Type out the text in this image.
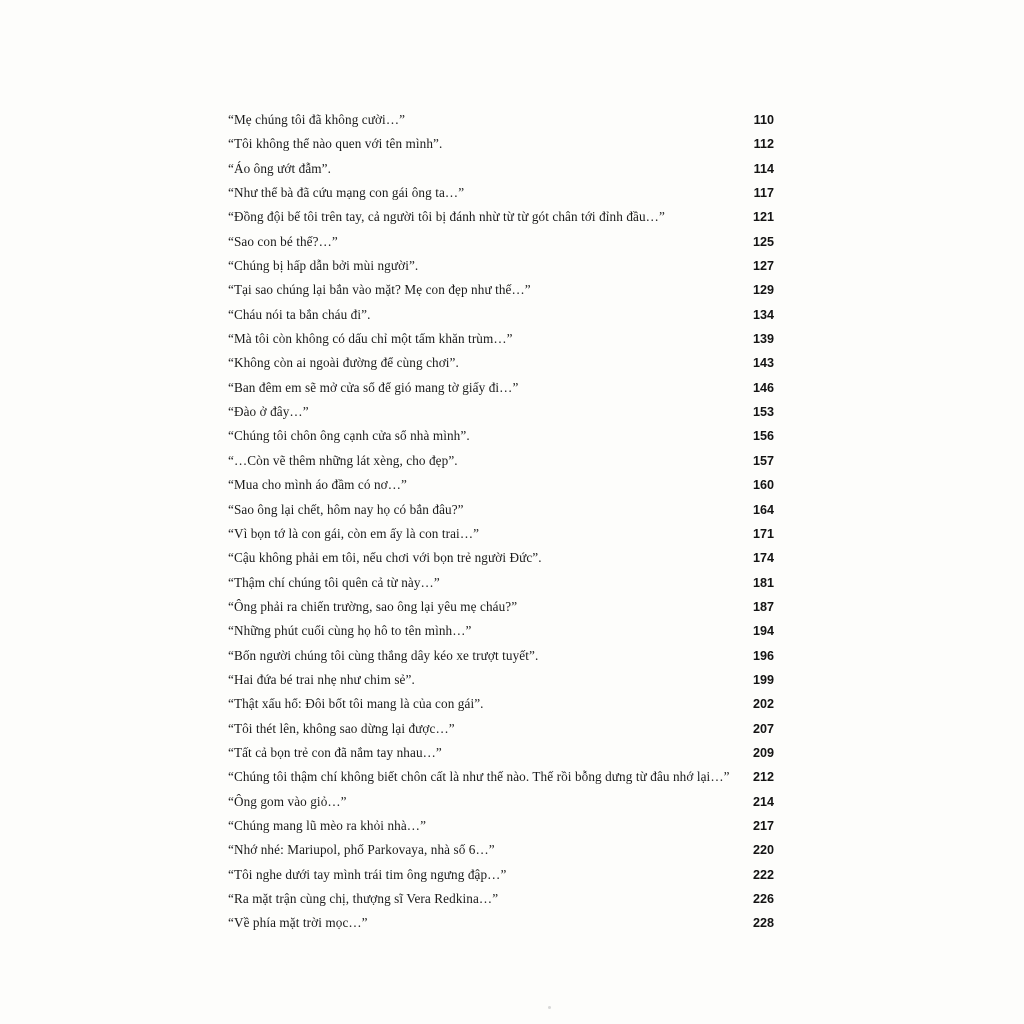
“Mẹ chúng tôi đã không cười…”	110
“Tôi không thể nào quen với tên mình”.	112
“Áo ông ướt đẫm”.	114
“Như thể bà đã cứu mạng con gái ông ta…”	117
“Đồng đội bế tôi trên tay, cả người tôi bị đánh nhừ từ từ gót chân tới đỉnh đầu…”	121
“Sao con bé thế?…”	125
“Chúng bị hấp dẫn bởi mùi người”.	127
“Tại sao chúng lại bắn vào mặt? Mẹ con đẹp như thế…”	129
“Cháu nói ta bắn cháu đi”.	134
“Mà tôi còn không có dấu chỉ một tấm khăn trùm…”	139
“Không còn ai ngoài đường để cùng chơi”.	143
“Ban đêm em sẽ mở cửa sổ để gió mang tờ giấy đi…”	146
“Đào ở đây…”	153
“Chúng tôi chôn ông cạnh cửa sổ nhà mình”.	156
“…Còn vẽ thêm những lát xèng, cho đẹp”.	157
“Mua cho mình áo đầm có nơ…”	160
“Sao ông lại chết, hôm nay họ có bắn đâu?”	164
“Vì bọn tớ là con gái, còn em ấy là con trai…”	171
“Cậu không phải em tôi, nếu chơi với bọn trẻ người Đức”.	174
“Thậm chí chúng tôi quên cả từ này…”	181
“Ông phải ra chiến trường, sao ông lại yêu mẹ cháu?”	187
“Những phút cuối cùng họ hô to tên mình…”	194
“Bốn người chúng tôi cùng thắng dây kéo xe trượt tuyết”.	196
“Hai đứa bé trai nhẹ như chim sẻ”.	199
“Thật xấu hổ: Đôi bốt tôi mang là của con gái”.	202
“Tôi thét lên, không sao dừng lại được…”	207
“Tất cả bọn trẻ con đã nắm tay nhau…”	209
“Chúng tôi thậm chí không biết chôn cất là như thế nào. Thế rồi bỗng dưng từ đâu nhớ lại…”	212
“Ông gom vào giỏ…”	214
“Chúng mang lũ mèo ra khỏi nhà…”	217
“Nhớ nhé: Mariupol, phố Parkovaya, nhà số 6…”	220
“Tôi nghe dưới tay mình trái tim ông ngưng đập…”	222
“Ra mặt trận cùng chị, thượng sĩ Vera Redkina…”	226
“Về phía mặt trời mọc…”	228
